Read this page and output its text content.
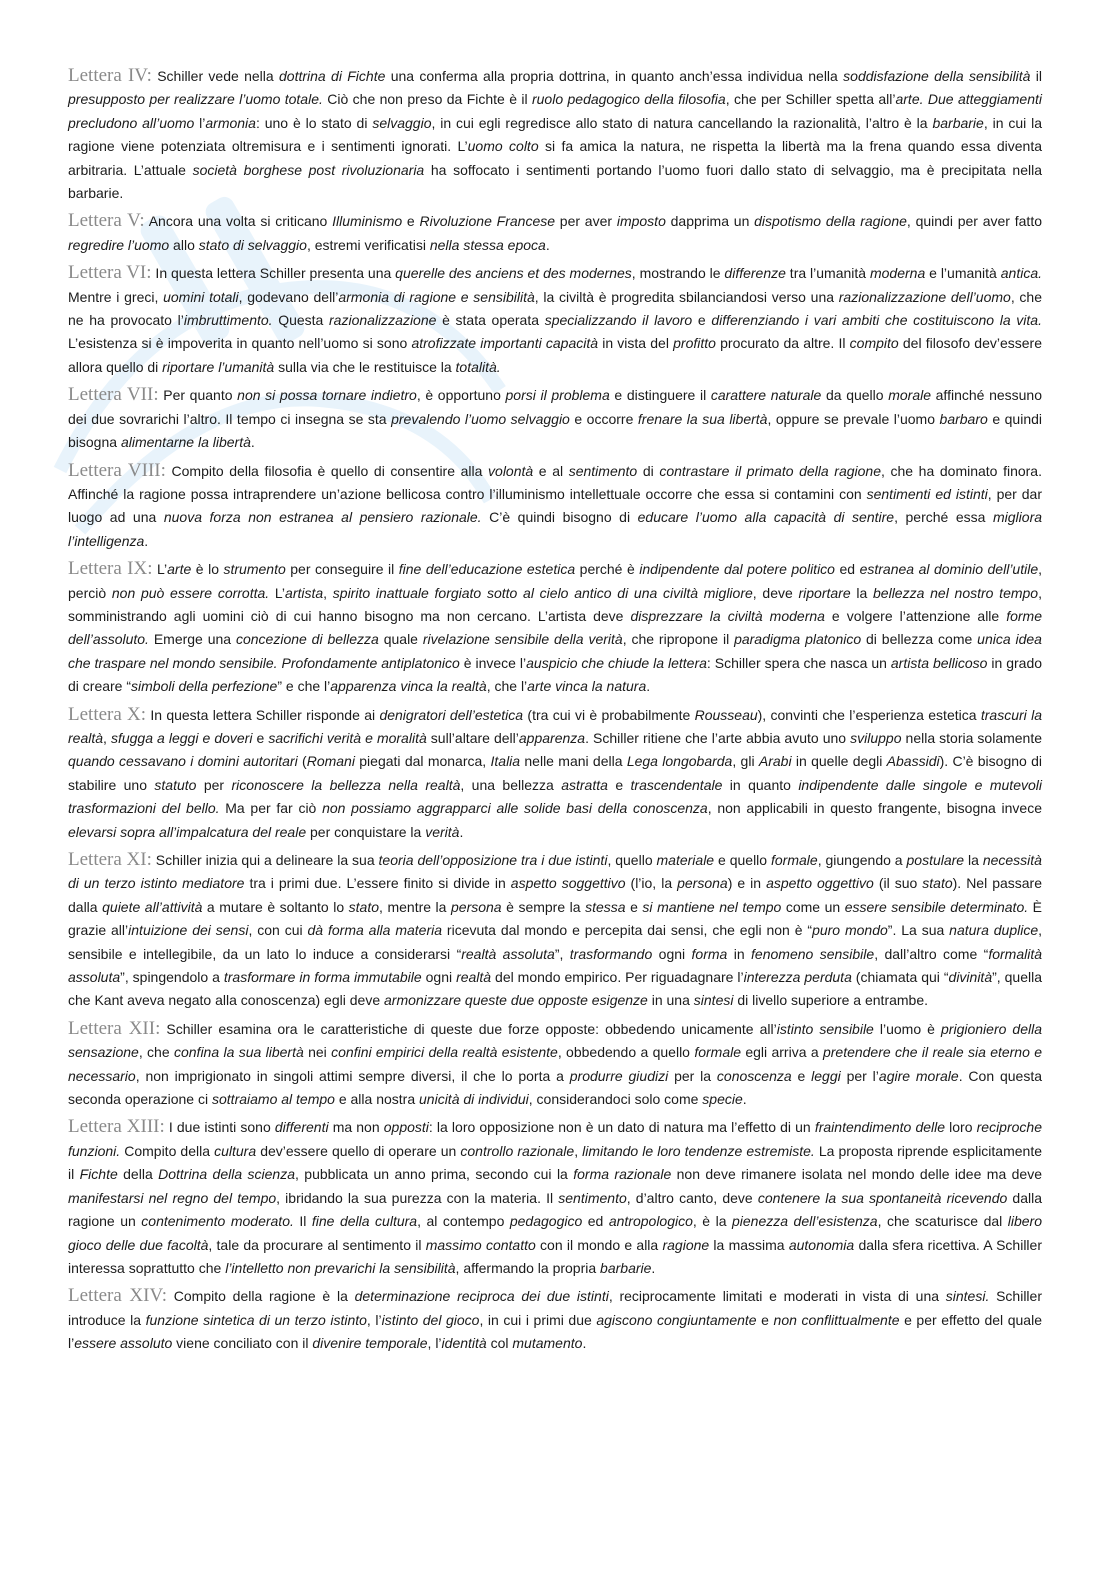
Lettera IV: Schiller vede nella dottrina di Fichte una conferma alla propria dottrina, in quanto anch’essa individua nella soddisfazione della sensibilità il presupposto per realizzare l’uomo totale. Ciò che non preso da Fichte è il ruolo pedagogico della filosofia, che per Schiller spetta all’arte. Due atteggiamenti precludono all’uomo l’armonia: uno è lo stato di selvaggio, in cui egli regredisce allo stato di natura cancellando la razionalità, l’altro è la barbarie, in cui la ragione viene potenziata oltremisura e i sentimenti ignorati. L’uomo colto si fa amica la natura, ne rispetta la libertà ma la frena quando essa diventa arbitraria. L’attuale società borghese post rivoluzionaria ha soffocato i sentimenti portando l’uomo fuori dallo stato di selvaggio, ma è precipitata nella barbarie.

Lettera V: Ancora una volta si criticano Illuminismo e Rivoluzione Francese per aver imposto dapprima un dispotismo della ragione, quindi per aver fatto regredire l’uomo allo stato di selvaggio, estremi verificatisi nella stessa epoca.

Lettera VI: In questa lettera Schiller presenta una querelle des anciens et des modernes, mostrando le differenze tra l’umanità moderna e l’umanità antica. Mentre i greci, uomini totali, godevano dell’armonia di ragione e sensibilità, la civiltà è progredita sbilanciandosi verso una razionalizzazione dell’uomo, che ne ha provocato l’imbruttimento. Questa razionalizzazione è stata operata specializzando il lavoro e differenziando i vari ambiti che costituiscono la vita. L’esistenza si è impoverita in quanto nell’uomo si sono atrofizzate importanti capacità in vista del profitto procurato da altre. Il compito del filosofo dev’essere allora quello di riportare l’umanità sulla via che le restituisce la totalità.

Lettera VII: Per quanto non si possa tornare indietro, è opportuno porsi il problema e distinguere il carattere naturale da quello morale affinché nessuno dei due sovrarichi l’altro. Il tempo ci insegna se sta prevalendo l’uomo selvaggio e occorre frenare la sua libertà, oppure se prevale l’uomo barbaro e quindi bisogna alimentarne la libertà.

Lettera VIII: Compito della filosofia è quello di consentire alla volontà e al sentimento di contrastare il primato della ragione, che ha dominato finora. Affinché la ragione possa intraprendere un’azione bellicosa contro l’illuminismo intellettuale occorre che essa si contamini con sentimenti ed istinti, per dar luogo ad una nuova forza non estranea al pensiero razionale. C’è quindi bisogno di educare l’uomo alla capacità di sentire, perché essa migliora l’intelligenza.

Lettera IX: L’arte è lo strumento per conseguire il fine dell’educazione estetica perché è indipendente dal potere politico ed estranea al dominio dell’utile, perciò non può essere corrotta. L’artista, spirito inattuale forgiato sotto al cielo antico di una civiltà migliore, deve riportare la bellezza nel nostro tempo, somministrando agli uomini ciò di cui hanno bisogno ma non cercano. L’artista deve disprezzare la civiltà moderna e volgere l’attenzione alle forme dell’assoluto. Emerge una concezione di bellezza quale rivelazione sensibile della verità, che ripropone il paradigma platonico di bellezza come unica idea che traspare nel mondo sensibile. Profondamente antiplatonico è invece l’auspicio che chiude la lettera: Schiller spera che nasca un artista bellicoso in grado di creare “simboli della perfezione” e che l’apparenza vinca la realtà, che l’arte vinca la natura.

Lettera X: In questa lettera Schiller risponde ai denigratori dell’estetica (tra cui vi è probabilmente Rousseau), convinti che l’esperienza estetica trascuri la realtà, sfugga a leggi e doveri e sacrifichi verità e moralità sull’altare dell’apparenza. Schiller ritiene che l’arte abbia avuto uno sviluppo nella storia solamente quando cessavano i domini autoritari (Romani piegati dal monarca, Italia nelle mani della Lega longobarda, gli Arabi in quelle degli Abassidi). C’è bisogno di stabilire uno statuto per riconoscere la bellezza nella realtà, una bellezza astratta e trascendentale in quanto indipendente dalle singole e mutevoli trasformazioni del bello. Ma per far ciò non possiamo aggrapparci alle solide basi della conoscenza, non applicabili in questo frangente, bisogna invece elevarsi sopra all’impalcatura del reale per conquistare la verità.

Lettera XI: Schiller inizia qui a delineare la sua teoria dell’opposizione tra i due istinti, quello materiale e quello formale, giungendo a postulare la necessità di un terzo istinto mediatore tra i primi due. L’essere finito si divide in aspetto soggettivo (l’io, la persona) e in aspetto oggettivo (il suo stato). Nel passare dalla quiete all’attività a mutare è soltanto lo stato, mentre la persona è sempre la stessa e si mantiene nel tempo come un essere sensibile determinato. È grazie all’intuizione dei sensi, con cui dà forma alla materia ricevuta dal mondo e percepita dai sensi, che egli non è “puro mondo”. La sua natura duplice, sensibile e intellegibile, da un lato lo induce a considerarsi “realtà assoluta”, trasformando ogni forma in fenomeno sensibile, dall’altro come “formalità assoluta”, spingendolo a trasformare in forma immutabile ogni realtà del mondo empirico. Per riguadagnare l’interezza perduta (chiamata qui “divinità”, quella che Kant aveva negato alla conoscenza) egli deve armonizzare queste due opposte esigenze in una sintesi di livello superiore a entrambe.

Lettera XII: Schiller esamina ora le caratteristiche di queste due forze opposte: obbedendo unicamente all’istinto sensibile l’uomo è prigioniero della sensazione, che confina la sua libertà nei confini empirici della realtà esistente, obbedendo a quello formale egli arriva a pretendere che il reale sia eterno e necessario, non imprigionato in singoli attimi sempre diversi, il che lo porta a produrre giudizi per la conoscenza e leggi per l’agire morale. Con questa seconda operazione ci sottraiamo al tempo e alla nostra unicità di individui, considerandoci solo come specie.

Lettera XIII: I due istinti sono differenti ma non opposti: la loro opposizione non è un dato di natura ma l’effetto di un fraintendimento delle loro reciproche funzioni. Compito della cultura dev’essere quello di operare un controllo razionale, limitando le loro tendenze estremiste. La proposta riprende esplicitamente il Fichte della Dottrina della scienza, pubblicata un anno prima, secondo cui la forma razionale non deve rimanere isolata nel mondo delle idee ma deve manifestarsi nel regno del tempo, ibridando la sua purezza con la materia. Il sentimento, d’altro canto, deve contenere la sua spontaneità ricevendo dalla ragione un contenimento moderato. Il fine della cultura, al contempo pedagogico ed antropologico, è la pienezza dell’esistenza, che scaturisce dal libero gioco delle due facoltà, tale da procurare al sentimento il massimo contatto con il mondo e alla ragione la massima autonomia dalla sfera ricettiva. A Schiller interessa soprattutto che l’intelletto non prevarichi la sensibilità, affermando la propria barbarie.

Lettera XIV: Compito della ragione è la determinazione reciproca dei due istinti, reciprocamente limitati e moderati in vista di una sintesi. Schiller introduce la funzione sintetica di un terzo istinto, l’istinto del gioco, in cui i primi due agiscono congiuntamente e non conflittualmente e per effetto del quale l’essere assoluto viene conciliato con il divenire temporale, l’identità col mutamento.
